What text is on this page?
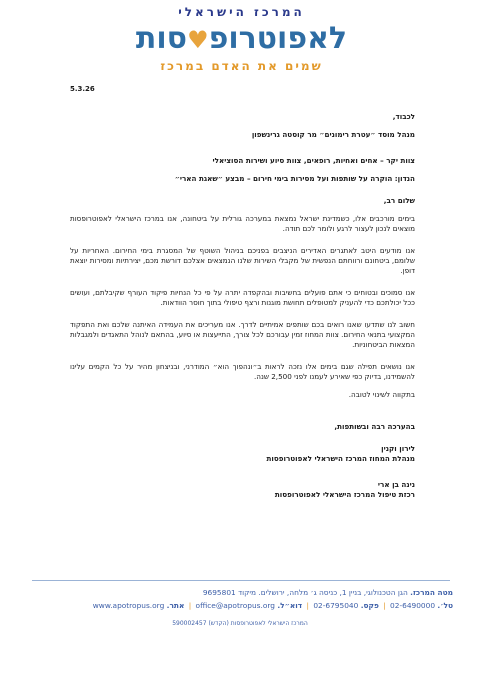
המרכז הישראלי
לאפוטרופ♥סות
שמים את האדם במרכז
5.3.26
לכבוד,
מנהל מוסד ״עטרת רימונים״ מר קוסטה גרינשפון
צוות יקר – אחים ואחיות, רופאים, צוות סיוע ושירות הסוציאלי
הנדון: הוקרה על שותפות ועל מסירות בימי חירום – מבצע ״שאגת הארי״
שלום רב,
בימים מורכבים אלו, כשמדינת ישראל נמצאת במערכה גורלית על ביטחונה, אנו במרכז הישראלי לאפוטרופסות מוצאים לנכון לעצור לרגע ולומר לכם תודה.
אנו מודעים היטב לאתגרים האדירים הניצבים בפניכם בניהול השוטף של המסגרת בימי החירום. האחריות על שלומם, ביטחונם ורווחתם הנפשית של מקבלי השירות שלנו הנמצאים אצלכם דורשת מכם, יצירתיות ומסירות יוצאת דופן.
אנו סמוכים ובטוחים כי אתם פועלים בחשיבות ובהקפדה יתרה על פי כל הנחיות פיקוד העורף שקיבלתם, ועושים ככל יכולתכם כדי להעניק למטופלים תחושת מוגנות ורצף טיפולי בתוך חוסר הוודאות.
חשוב לנו שתדעו שאנו רואים בכם שותפים אמיתיים לדרך. אנו מעריכים את העמידה האיתנה שלכם ואת התפקוד המקצועי בתנאי החירום. צוות המחוז זמין עבורכם לכל צורך, התייעצות או סיוע, בהתאם לנוהל התאגדים ולמגבלות המצאות הביטחוניות.
אנו נושאים תפילה שגם בימים אלו נזכה לראות ב״ונהפוך הוא״ המודרני, ובניצחון מהיר על כל הקמים עלינו להשמידנו, בדיוק כפי שאירע לעמנו לפני 2,500 שנה.
בתקווה לשינוי לטובה.
בהערכה רבה ובשותפות,
לירון וקנין
מנהלת המחוז המרכז הישראלי לאפוטרופסות
נינה בן ארי
רכזת טיפול המרכז הישראלי לאפוטרופסות
מטה המרכז. הגן הטכנולוגי, בניין 1, כניסה ג׳ מלחה, ירושלים. מיקוד 9695801
טל׳. 02-6490000 | פקס. 02-6795040 | דוא״ל. office@apotropus.org | אתר. www.apotropus.org
המרכז הישראלי לאפוטרופסות (הקדש) 590002457
